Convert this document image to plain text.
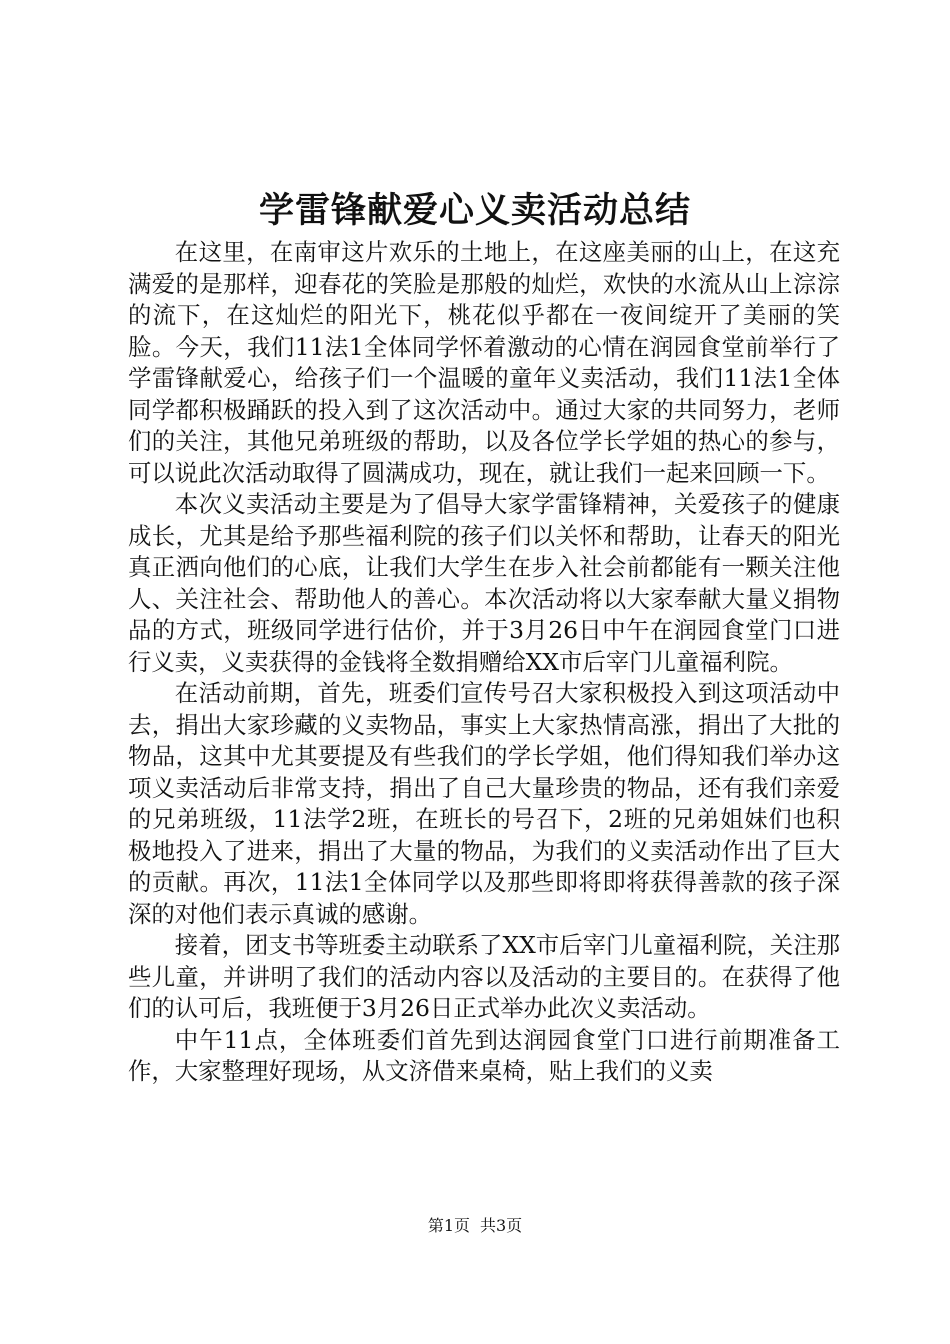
学雷锋献爱心义卖活动总结

在这里，在南审这片欢乐的土地上，在这座美丽的山上，在这充满爱的是那样，迎春花的笑脸是那般的灿烂，欢快的水流从山上淙淙的流下，在这灿烂的阳光下，桃花似乎都在一夜间绽开了美丽的笑脸。今天，我们11法1全体同学怀着激动的心情在润园食堂前举行了学雷锋献爱心，给孩子们一个温暖的童年义卖活动，我们11法1全体同学都积极踊跃的投入到了这次活动中。通过大家的共同努力，老师们的关注，其他兄弟班级的帮助，以及各位学长学姐的热心的参与，可以说此次活动取得了圆满成功，现在，就让我们一起来回顾一下。

本次义卖活动主要是为了倡导大家学雷锋精神，关爱孩子的健康成长，尤其是给予那些福利院的孩子们以关怀和帮助，让春天的阳光真正洒向他们的心底，让我们大学生在步入社会前都能有一颗关注他人、关注社会、帮助他人的善心。本次活动将以大家奉献大量义捐物品的方式，班级同学进行估价，并于3月26日中午在润园食堂门口进行义卖，义卖获得的金钱将全数捐赠给XX市后宰门儿童福利院。

在活动前期，首先，班委们宣传号召大家积极投入到这项活动中去，捐出大家珍藏的义卖物品，事实上大家热情高涨，捐出了大批的物品，这其中尤其要提及有些我们的学长学姐，他们得知我们举办这项义卖活动后非常支持，捐出了自己大量珍贵的物品，还有我们亲爱的兄弟班级，11法学2班，在班长的号召下，2班的兄弟姐妹们也积极地投入了进来，捐出了大量的物品，为我们的义卖活动作出了巨大的贡献。再次，11法1全体同学以及那些即将即将获得善款的孩子深深的对他们表示真诚的感谢。

接着，团支书等班委主动联系了XX市后宰门儿童福利院，关注那些儿童，并讲明了我们的活动内容以及活动的主要目的。在获得了他们的认可后，我班便于3月26日正式举办此次义卖活动。

中午11点，全体班委们首先到达润园食堂门口进行前期准备工作，大家整理好现场，从文济借来桌椅，贴上我们的义卖

第1页 共3页
